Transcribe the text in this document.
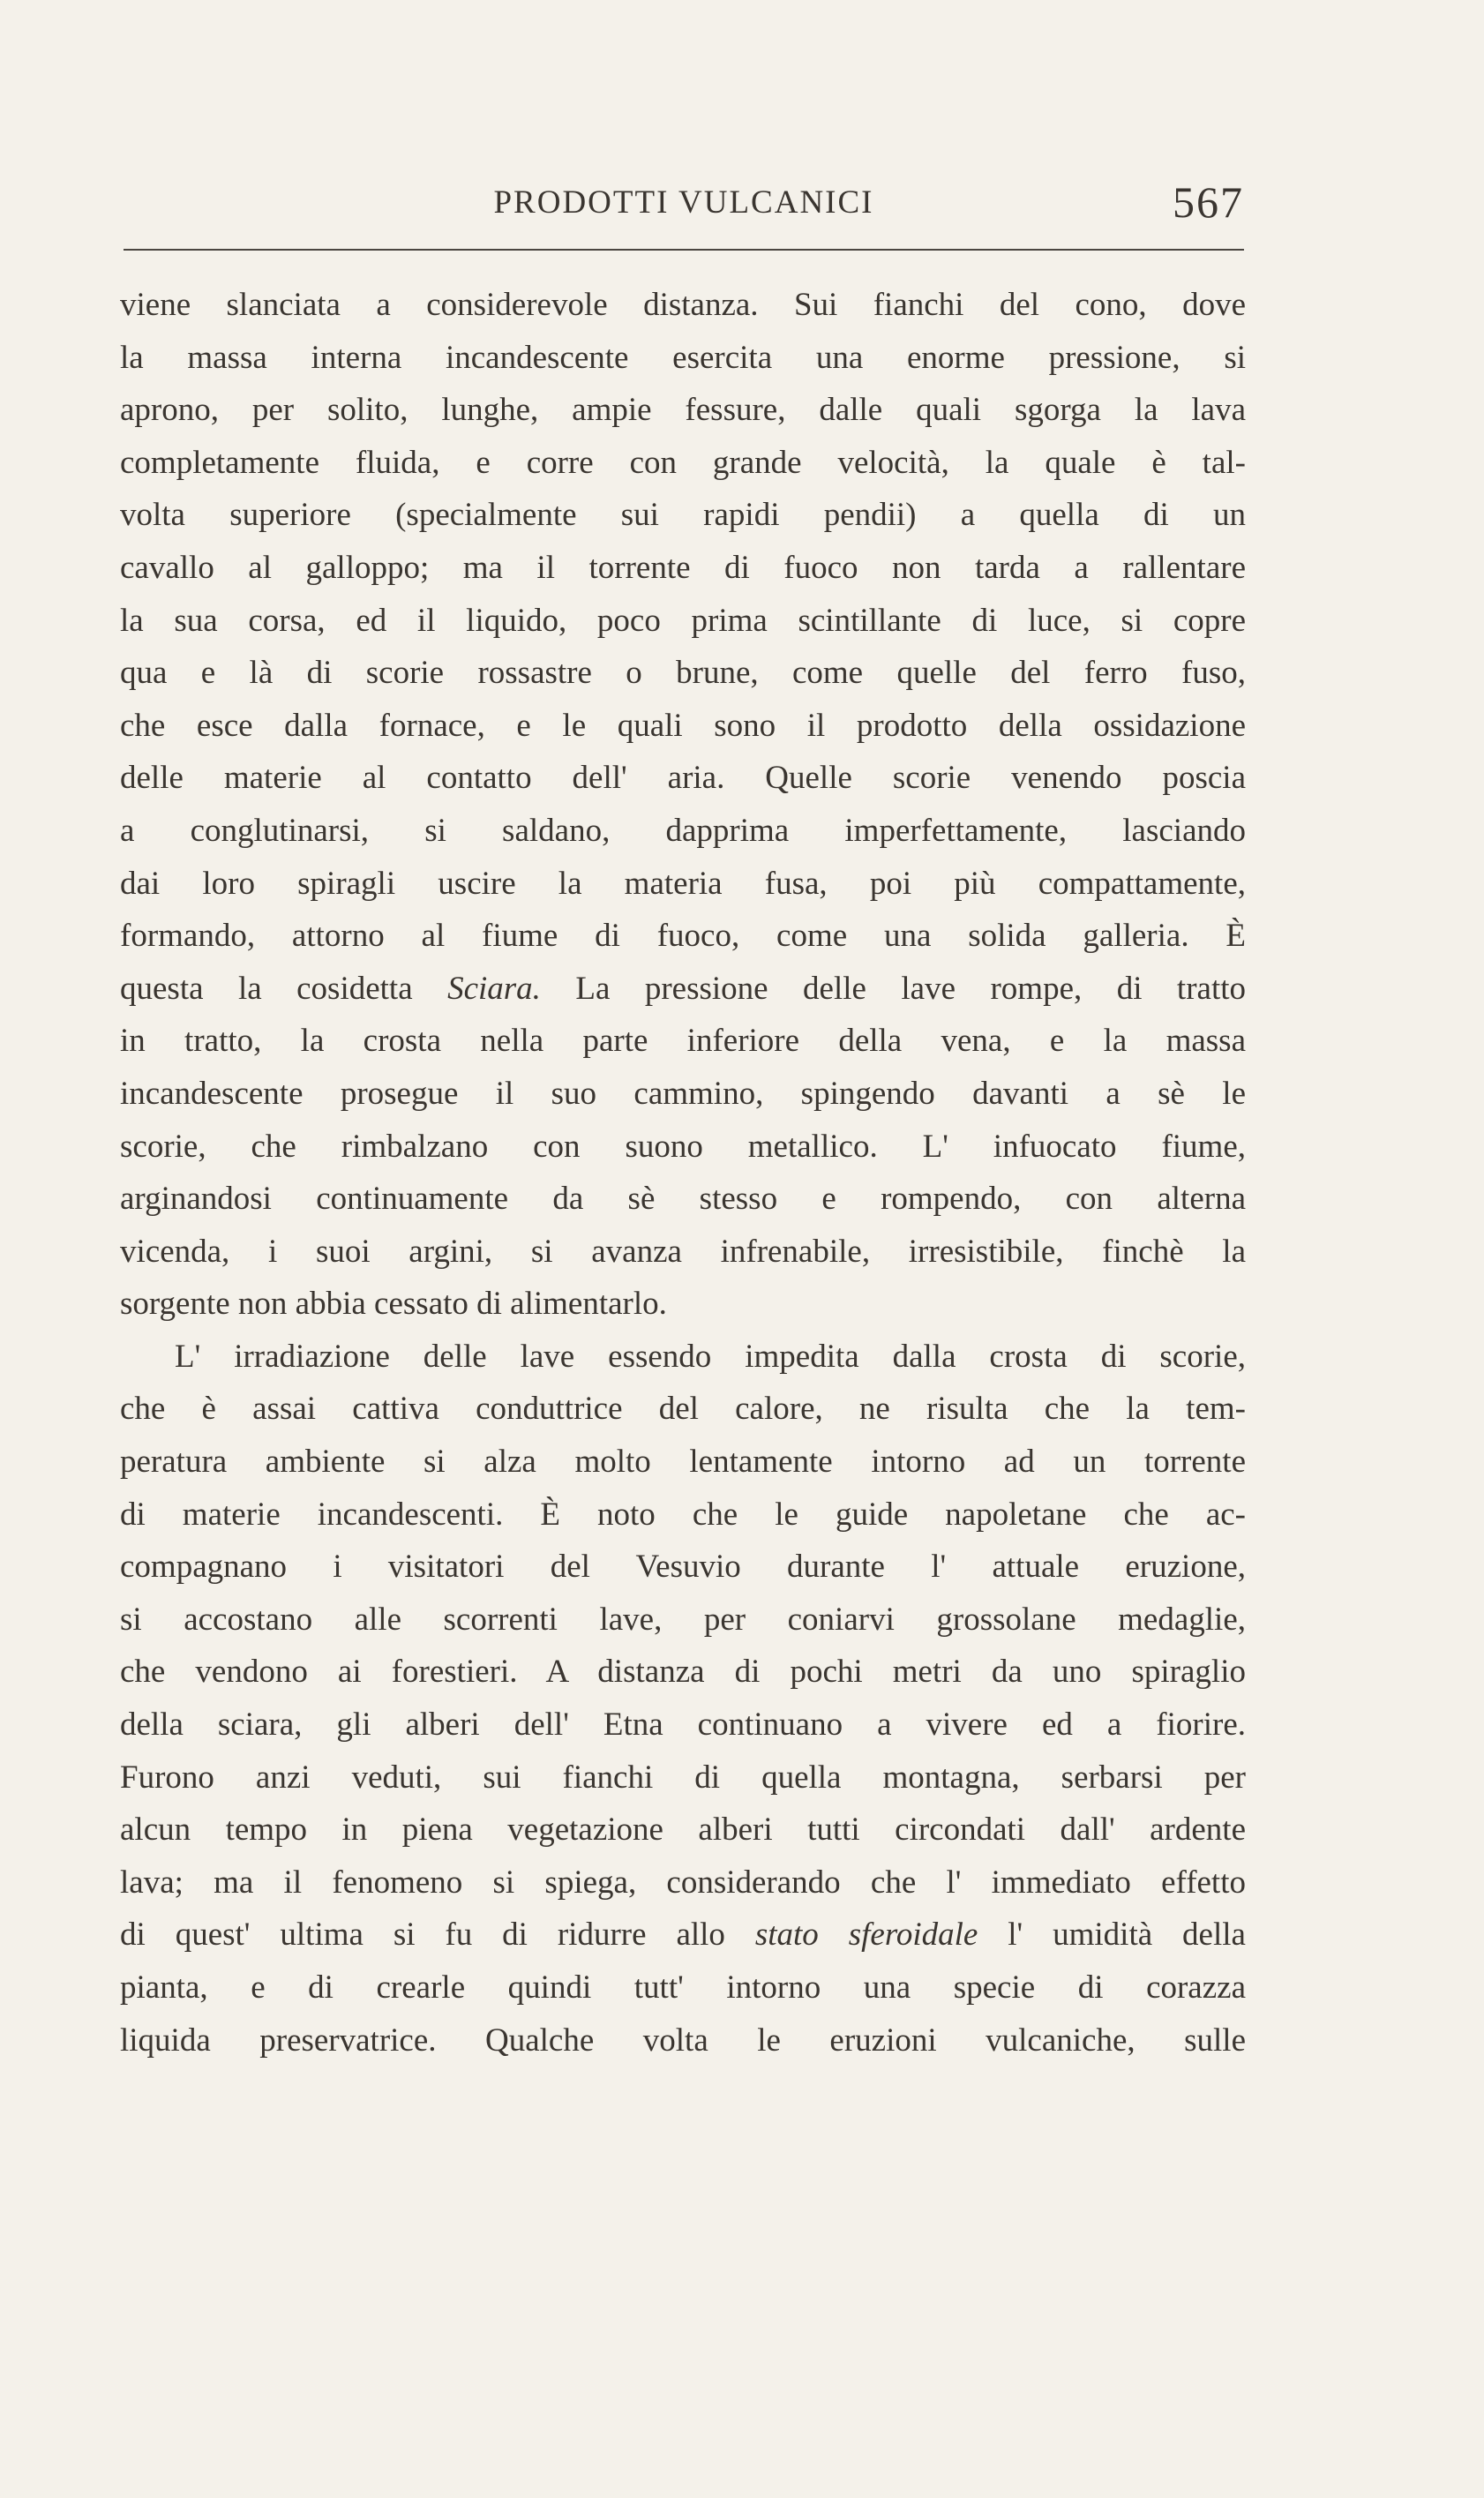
PRODOTTI VULCANICI	567
viene slanciata a considerevole distanza. Sui fianchi del cono, dove
la massa interna incandescente esercita una enorme pressione, si
aprono, per solito, lunghe, ampie fessure, dalle quali sgorga la lava
completamente fluida, e corre con grande velocità, la quale è tal-
volta superiore (specialmente sui rapidi pendii) a quella di un
cavallo al galloppo; ma il torrente di fuoco non tarda a rallentare
la sua corsa, ed il liquido, poco prima scintillante di luce, si copre
qua e là di scorie rossastre o brune, come quelle del ferro fuso,
che esce dalla fornace, e le quali sono il prodotto della ossidazione
delle materie al contatto dell' aria. Quelle scorie venendo poscia
a conglutinarsi, si saldano, dapprima imperfettamente, lasciando
dai loro spiragli uscire la materia fusa, poi più compattamente,
formando, attorno al fiume di fuoco, come una solida galleria. È
questa la cosidetta Sciara. La pressione delle lave rompe, di tratto
in tratto, la crosta nella parte inferiore della vena, e la massa
incandescente prosegue il suo cammino, spingendo davanti a sè le
scorie, che rimbalzano con suono metallico. L' infuocato fiume,
arginandosi continuamente da sè stesso e rompendo, con alterna
vicenda, i suoi argini, si avanza infrenabile, irresistibile, finchè la
sorgente non abbia cessato di alimentarlo.
L' irradiazione delle lave essendo impedita dalla crosta di scorie,
che è assai cattiva conduttrice del calore, ne risulta che la tem-
peratura ambiente si alza molto lentamente intorno ad un torrente
di materie incandescenti. È noto che le guide napoletane che ac-
compagnano i visitatori del Vesuvio durante l' attuale eruzione,
si accostano alle scorrenti lave, per coniarvi grossolane medaglie,
che vendono ai forestieri. A distanza di pochi metri da uno spiraglio
della sciara, gli alberi dell' Etna continuano a vivere ed a fiorire.
Furono anzi veduti, sui fianchi di quella montagna, serbarsi per
alcun tempo in piena vegetazione alberi tutti circondati dall' ardente
lava; ma il fenomeno si spiega, considerando che l' immediato effetto
di quest' ultima si fu di ridurre allo stato sferoidale l' umidità della
pianta, e di crearle quindi tutt' intorno una specie di corazza
liquida preservatrice. Qualche volta le eruzioni vulcaniche, sulle
